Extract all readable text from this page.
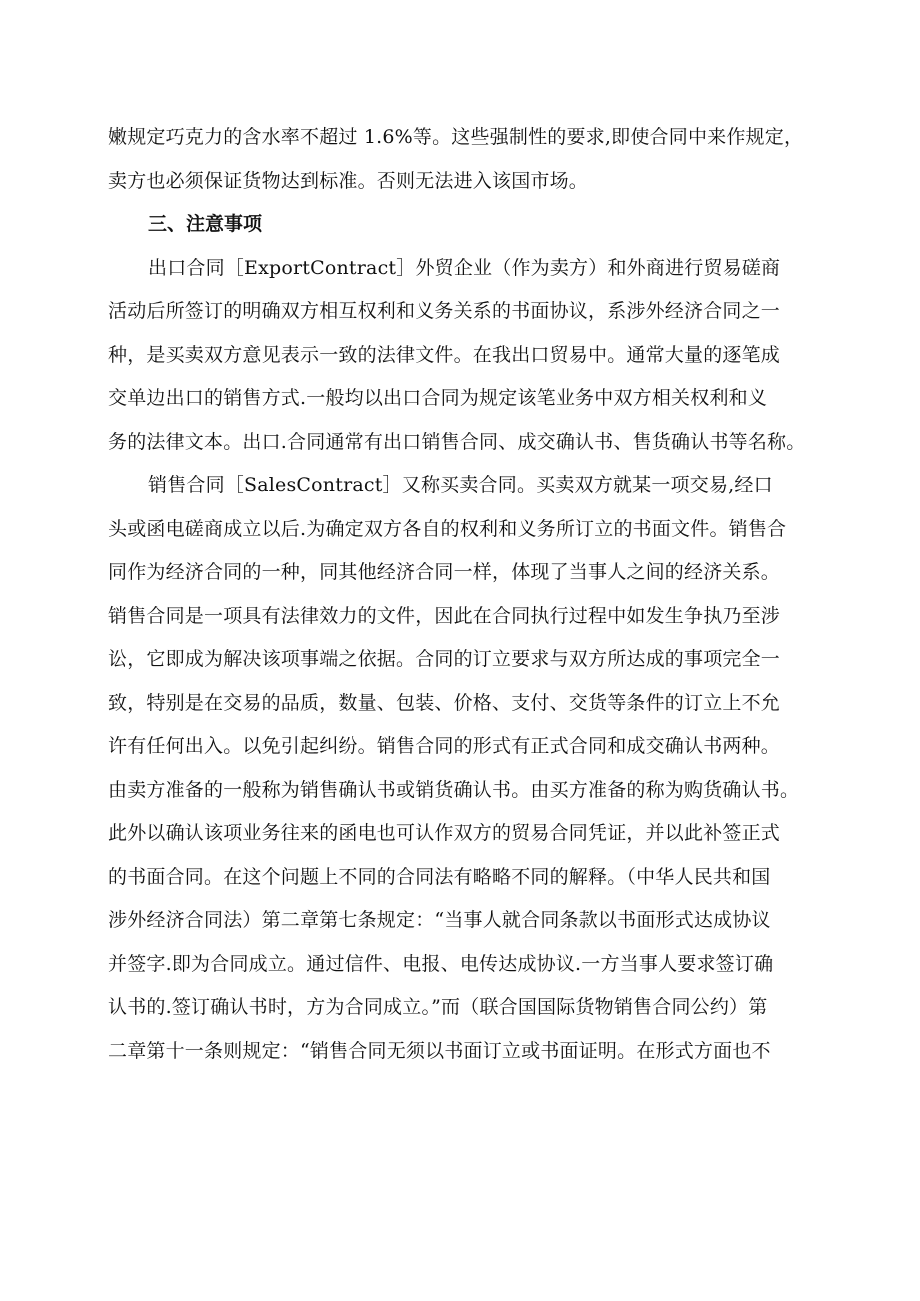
嫩规定巧克力的含水率不超过 1.6%等。这些强制性的要求,即使合同中来作规定，
卖方也必须保证货物达到标准。否则无法进入该国市场。

三、注意事项

出口合同［ExportContract］外贸企业（作为卖方）和外商进行贸易磋商
活动后所签订的明确双方相互权利和义务关系的书面协议，系涉外经济合同之一
种，是买卖双方意见表示一致的法律文件。在我出口贸易中。通常大量的逐笔成
交单边出口的销售方式.一般均以出口合同为规定该笔业务中双方相关权利和义
务的法律文本。出口.合同通常有出口销售合同、成交确认书、售货确认书等名称。

销售合同［SalesContract］又称买卖合同。买卖双方就某一项交易,经口
头或函电磋商成立以后.为确定双方各自的权利和义务所订立的书面文件。销售合
同作为经济合同的一种，同其他经济合同一样，体现了当事人之间的经济关系。
销售合同是一项具有法律效力的文件，因此在合同执行过程中如发生争执乃至涉
讼，它即成为解决该项事端之依据。合同的订立要求与双方所达成的事项完全一
致，特别是在交易的品质，数量、包装、价格、支付、交货等条件的订立上不允
许有任何出入。以免引起纠纷。销售合同的形式有正式合同和成交确认书两种。
由卖方准备的一般称为销售确认书或销货确认书。由买方准备的称为购货确认书。
此外以确认该项业务往来的函电也可认作双方的贸易合同凭证，并以此补签正式
的书面合同。在这个问题上不同的合同法有略略不同的解释。（中华人民共和国
涉外经济合同法）第二章第七条规定：“当事人就合同条款以书面形式达成协议
并签字.即为合同成立。通过信件、电报、电传达成协议.一方当事人要求签订确
认书的.签订确认书时，方为合同成立。”而（联合国国际货物销售合同公约）第
二章第十一条则规定：“销售合同无须以书面订立或书面证明。在形式方面也不
